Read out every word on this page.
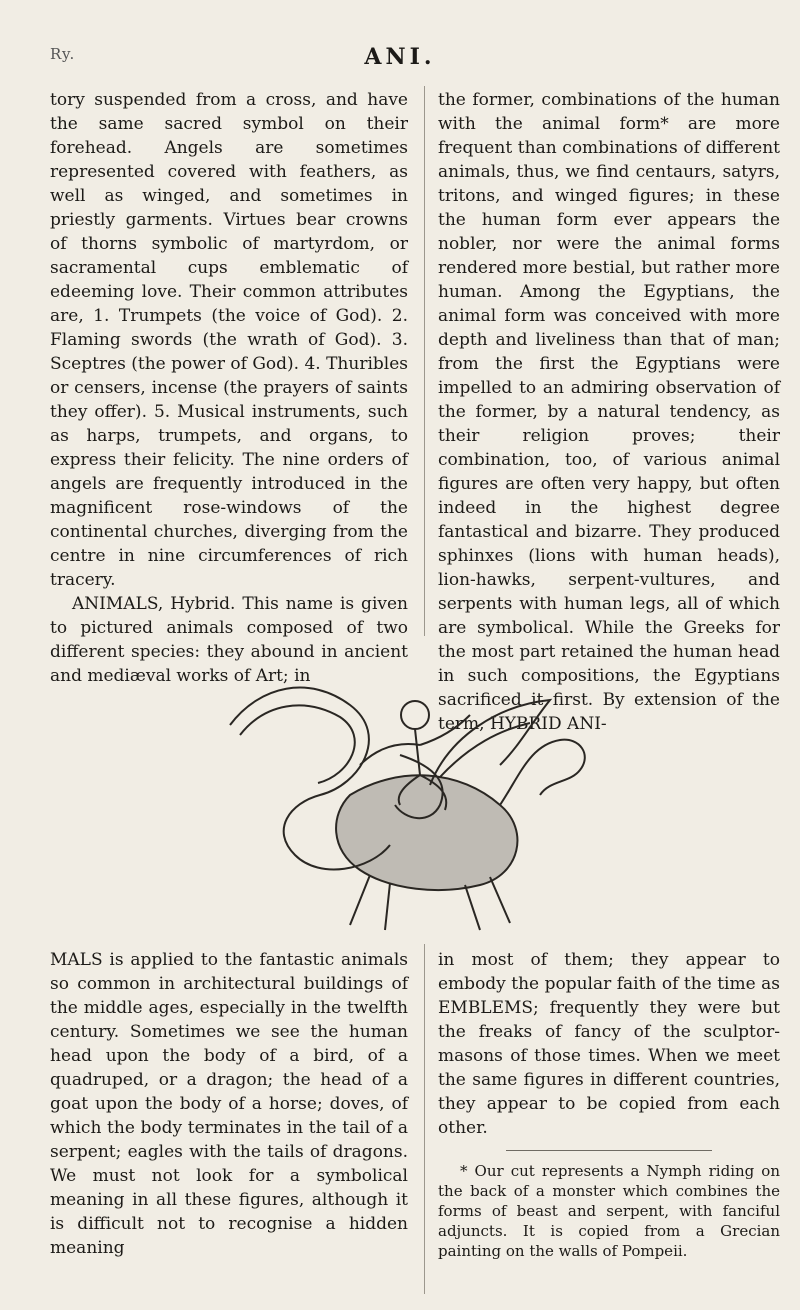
Ry.	ANI.

tory suspended from a cross, and have the same sacred symbol on their forehead. Angels are sometimes represented covered with feathers, as well as winged, and sometimes in priestly garments. Virtues bear crowns of thorns symbolic of martyrdom, or sacramental cups emblematic of edeeming love. Their common attributes are, 1. Trumpets (the voice of God). 2. Flaming swords (the wrath of God). 3. Sceptres (the power of God). 4. Thuribles or censers, incense (the prayers of saints they offer). 5. Musical instruments, such as harps, trumpets, and organs, to express their felicity. The nine orders of angels are frequently introduced in the magnificent rose-windows of the continental churches, diverging from the centre in nine circumferences of rich tracery.

ANIMALS, Hybrid. This name is given to pictured animals composed of two different species: they abound in ancient and mediæval works of Art; in

the former, combinations of the human with the animal form* are more frequent than combinations of different animals, thus, we find centaurs, satyrs, tritons, and winged figures; in these the human form ever appears the nobler, nor were the animal forms rendered more bestial, but rather more human. Among the Egyptians, the animal form was conceived with more depth and liveliness than that of man; from the first the Egyptians were impelled to an admiring observation of the former, by a natural tendency, as their religion proves; their combination, too, of various animal figures are often very happy, but often indeed in the highest degree fantastical and bizarre. They produced sphinxes (lions with human heads), lion-hawks, serpent-vultures, and serpents with human legs, all of which are symbolical. While the Greeks for the most part retained the human head in such compositions, the Egyptians sacrificed it first. By extension of the term, HYBRID ANI-

MALS is applied to the fantastic animals so common in architectural buildings of the middle ages, especially in the twelfth century. Sometimes we see the human head upon the body of a bird, of a quadruped, or a dragon; the head of a goat upon the body of a horse; doves, of which the body terminates in the tail of a serpent; eagles with the tails of dragons. We must not look for a symbolical meaning in all these figures, although it is difficult not to recognise a hidden meaning

in most of them; they appear to embody the popular faith of the time as EMBLEMS; frequently they were but the freaks of fancy of the sculptor-masons of those times. When we meet the same figures in different countries, they appear to be copied from each other.

* Our cut represents a Nymph riding on the back of a monster which combines the forms of beast and serpent, with fanciful adjuncts. It is copied from a Grecian painting on the walls of Pompeii.
